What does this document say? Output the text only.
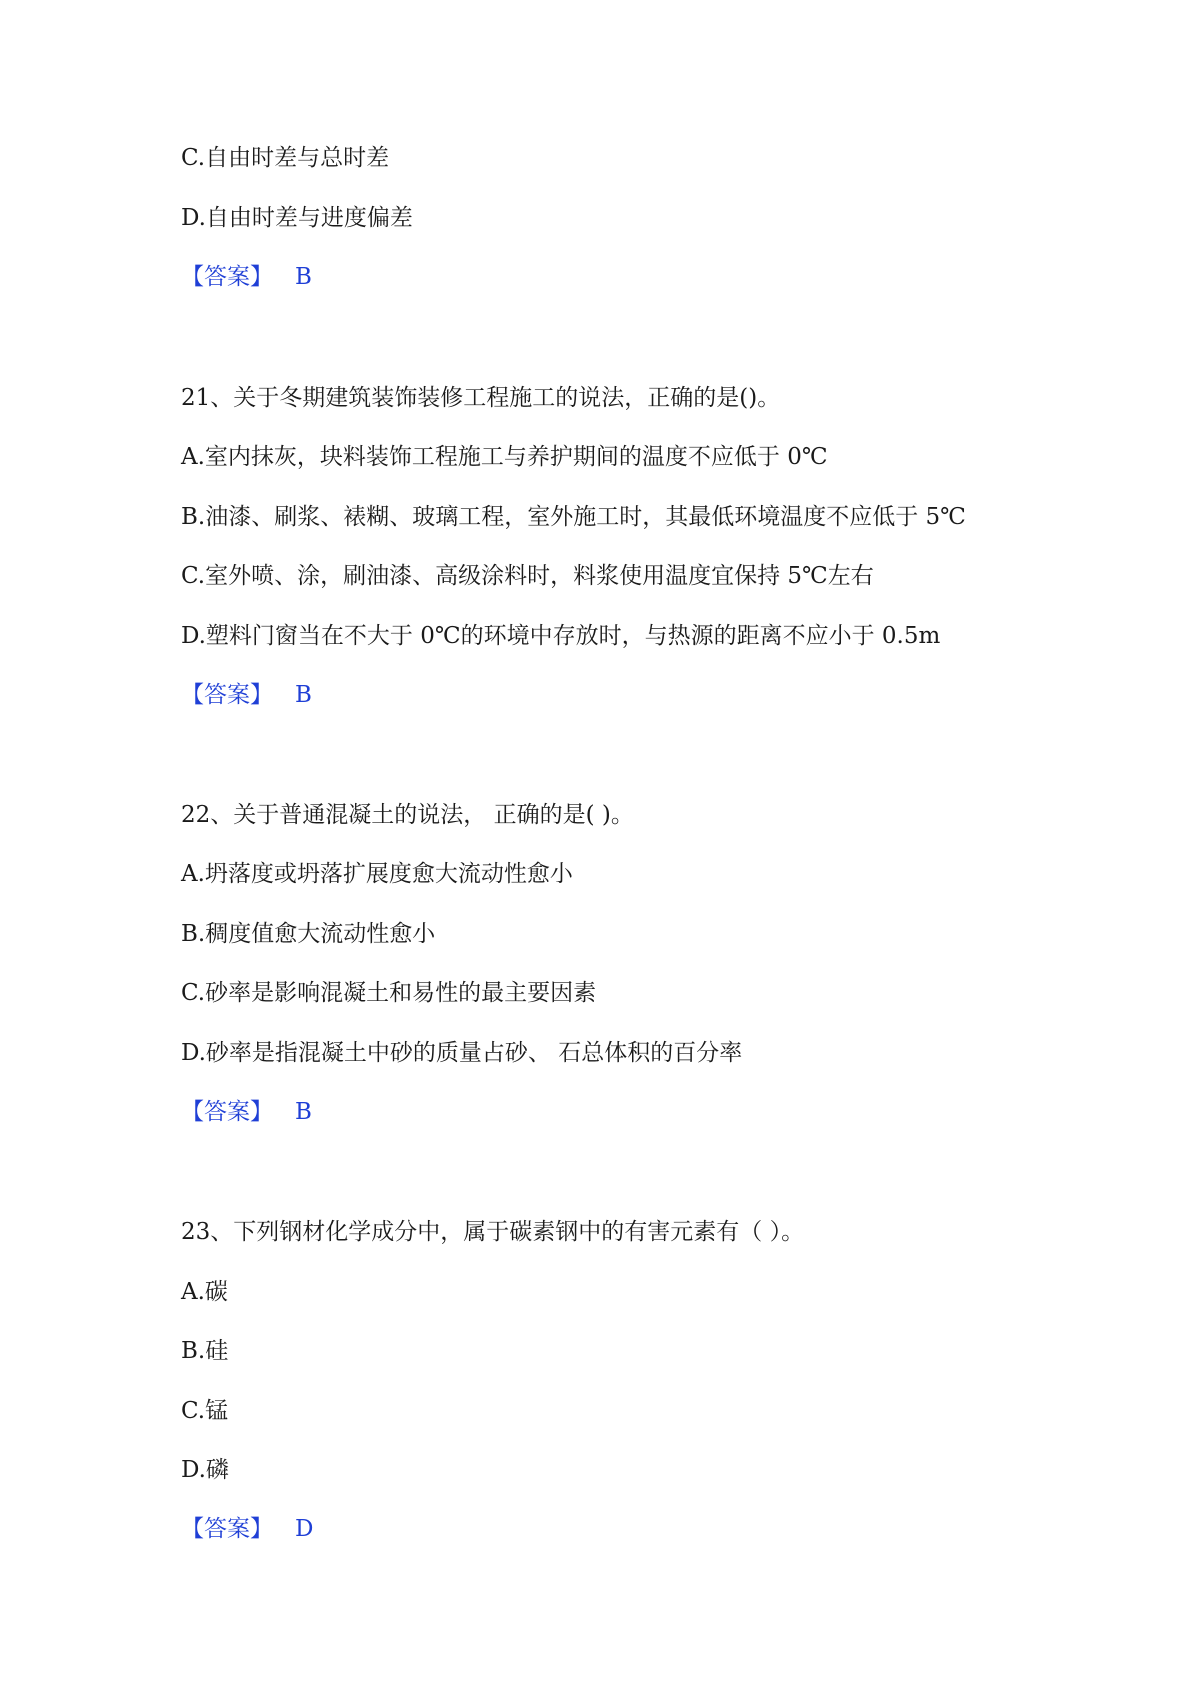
C.自由时差与总时差
D.自由时差与进度偏差
【答案】 B
21、关于冬期建筑装饰装修工程施工的说法，正确的是()。
A.室内抹灰，块料装饰工程施工与养护期间的温度不应低于 0℃
B.油漆、刷浆、裱糊、玻璃工程，室外施工时，其最低环境温度不应低于 5℃
C.室外喷、涂，刷油漆、高级涂料时，料浆使用温度宜保持 5℃左右
D.塑料门窗当在不大于 0℃的环境中存放时，与热源的距离不应小于 0.5m
【答案】 B
22、关于普通混凝土的说法， 正确的是( )。
A.坍落度或坍落扩展度愈大流动性愈小
B.稠度值愈大流动性愈小
C.砂率是影响混凝土和易性的最主要因素
D.砂率是指混凝土中砂的质量占砂、 石总体积的百分率
【答案】 B
23、下列钢材化学成分中，属于碳素钢中的有害元素有（ ）。
A.碳
B.硅
C.锰
D.磷
【答案】 D
